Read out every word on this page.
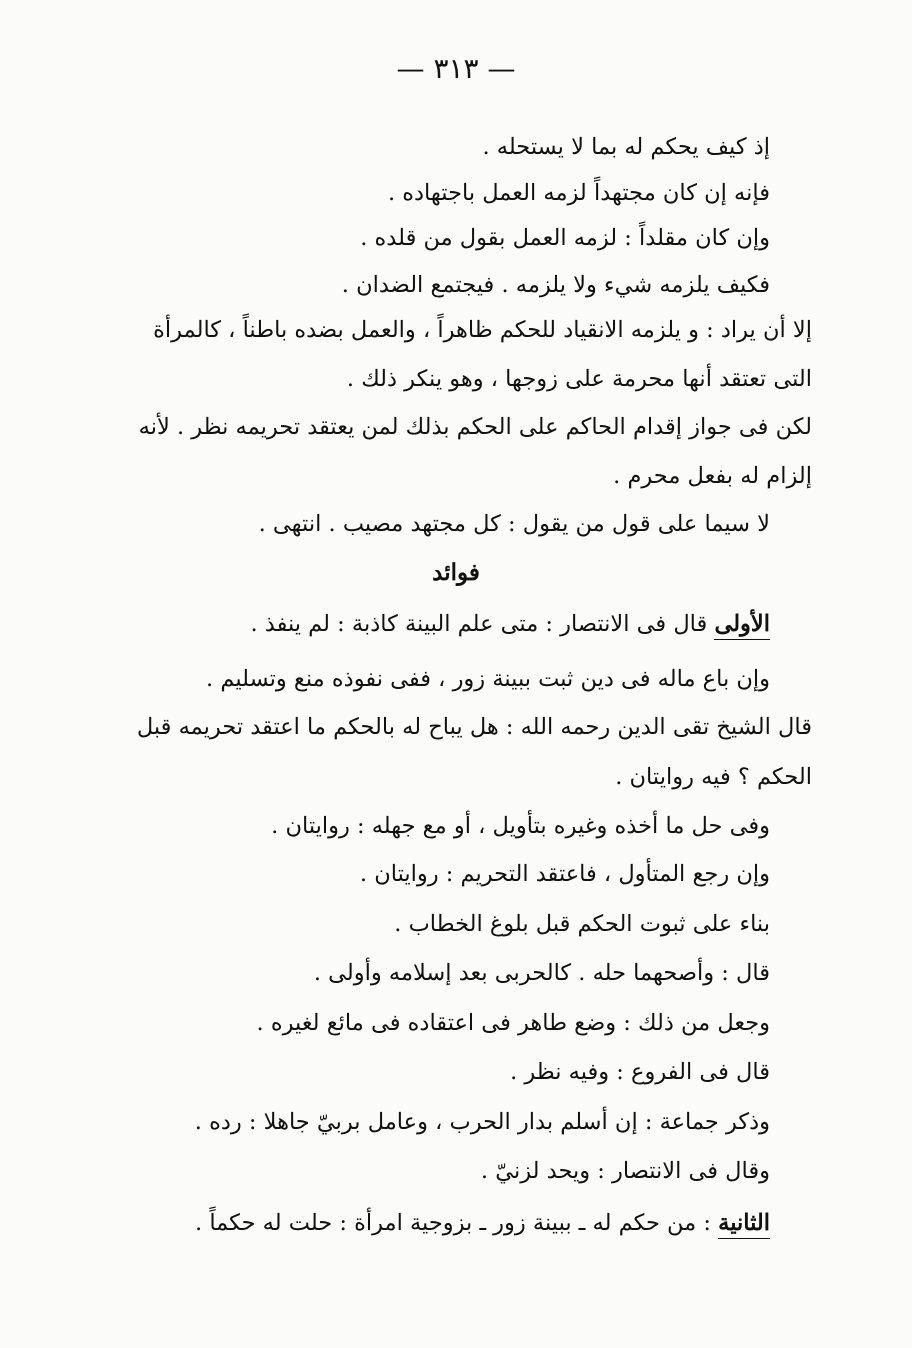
— ٣١٣ —
إذ كيف يحكم له بما لا يستحله .
فإنه إن كان مجتهداً لزمه العمل باجتهاده .
وإن كان مقلداً : لزمه العمل بقول من قلده .
فكيف يلزمه شيء ولا يلزمه . فيجتمع الضدان .
إلا أن يراد : و يلزمه الانقياد للحكم ظاهراً ، والعمل بضده باطناً ، كالمرأة
التى تعتقد أنها محرمة على زوجها ، وهو ينكر ذلك .
لكن فى جواز إقدام الحاكم على الحكم بذلك لمن يعتقد تحريمه نظر . لأنه
إلزام له بفعل محرم .
لا سيما على قول من يقول : كل مجتهد مصيب . انتهى .
فوائد
الأولى قال فى الانتصار : متى علم البينة كاذبة : لم ينفذ .
وإن باع ماله فى دين ثبت ببينة زور ، ففى نفوذه منع وتسليم .
قال الشيخ تقى الدين رحمه الله : هل يباح له بالحكم ما اعتقد تحريمه قبل
الحكم ؟ فيه روايتان .
وفى حل ما أخذه وغيره بتأويل ، أو مع جهله : روايتان .
وإن رجع المتأول ، فاعتقد التحريم : روايتان .
بناء على ثبوت الحكم قبل بلوغ الخطاب .
قال : وأصحهما حله . كالحربى بعد إسلامه وأولى .
وجعل من ذلك : وضع طاهر فى اعتقاده فى مائع لغيره .
قال فى الفروع : وفيه نظر .
وذكر جماعة : إن أسلم بدار الحرب ، وعامل بربيّ جاهلا : رده .
وقال فى الانتصار : ويحد لزنيّ .
الثانية : من حكم له ـ ببينة زور ـ بزوجية امرأة : حلت له حكماً .
